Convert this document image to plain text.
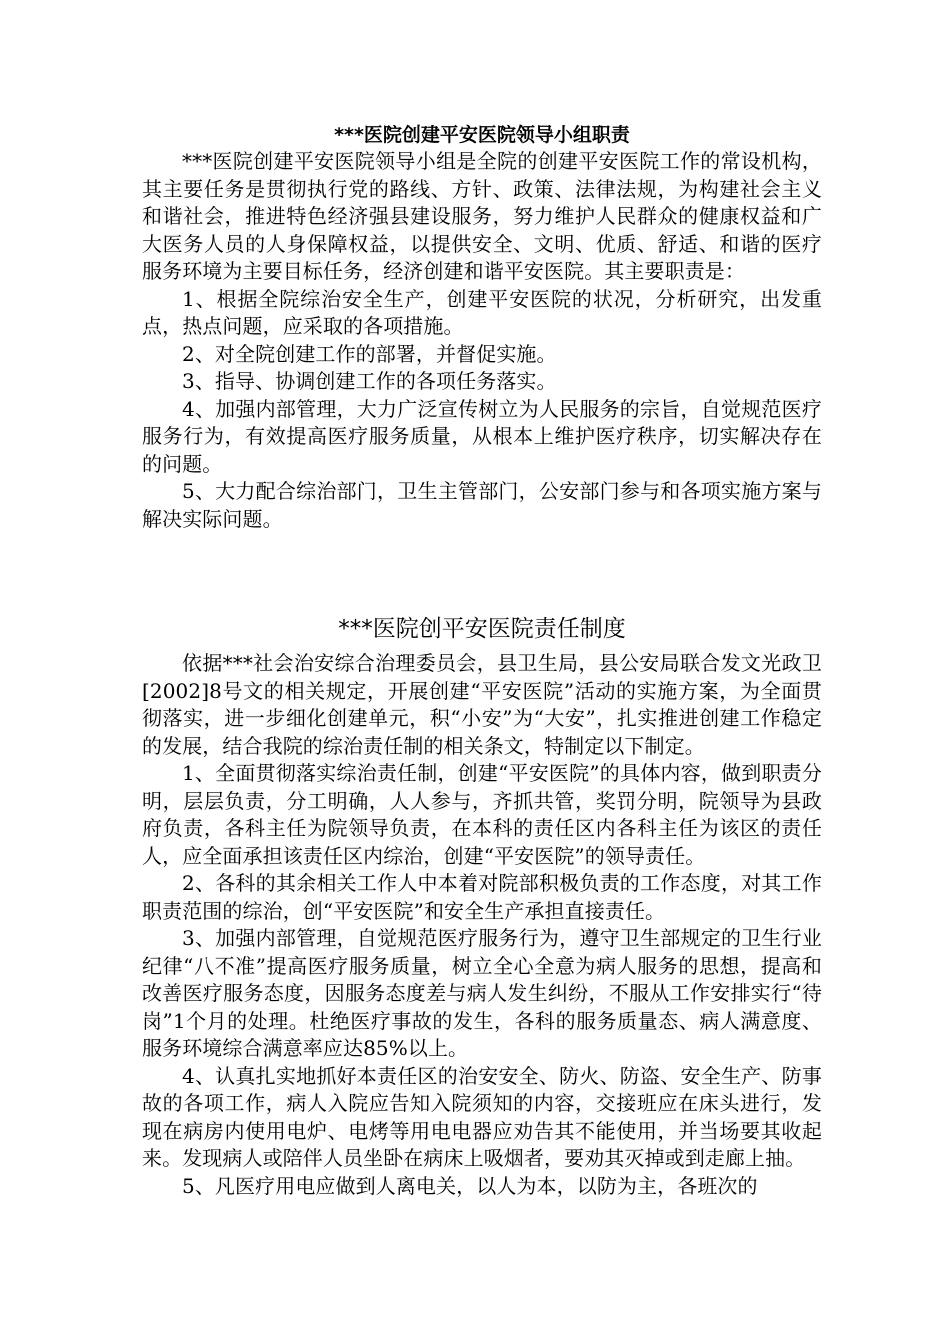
***医院创建平安医院领导小组职责

***医院创建平安医院领导小组是全院的创建平安医院工作的常设机构，其主要任务是贯彻执行党的路线、方针、政策、法律法规，为构建社会主义和谐社会，推进特色经济强县建设服务，努力维护人民群众的健康权益和广大医务人员的人身保障权益，以提供安全、文明、优质、舒适、和谐的医疗服务环境为主要目标任务，经济创建和谐平安医院。其主要职责是：

1、根据全院综治安全生产，创建平安医院的状况，分析研究，出发重点，热点问题，应采取的各项措施。

2、对全院创建工作的部署，并督促实施。

3、指导、协调创建工作的各项任务落实。

4、加强内部管理，大力广泛宣传树立为人民服务的宗旨，自觉规范医疗服务行为，有效提高医疗服务质量，从根本上维护医疗秩序，切实解决存在的问题。

5、大力配合综治部门，卫生主管部门，公安部门参与和各项实施方案与解决实际问题。

***医院创平安医院责任制度

依据***社会治安综合治理委员会，县卫生局，县公安局联合发文光政卫[2002]8号文的相关规定，开展创建“平安医院”活动的实施方案，为全面贯彻落实，进一步细化创建单元，积“小安”为“大安”，扎实推进创建工作稳定的发展，结合我院的综治责任制的相关条文，特制定以下制定。

1、全面贯彻落实综治责任制，创建“平安医院”的具体内容，做到职责分明，层层负责，分工明确，人人参与，齐抓共管，奖罚分明，院领导为县政府负责，各科主任为院领导负责，在本科的责任区内各科主任为该区的责任人，应全面承担该责任区内综治，创建“平安医院”的领导责任。

2、各科的其余相关工作人中本着对院部积极负责的工作态度，对其工作职责范围的综治，创“平安医院”和安全生产承担直接责任。

3、加强内部管理，自觉规范医疗服务行为，遵守卫生部规定的卫生行业纪律“八不准”提高医疗服务质量，树立全心全意为病人服务的思想，提高和改善医疗服务态度，因服务态度差与病人发生纠纷，不服从工作安排实行“待岗”1个月的处理。杜绝医疗事故的发生，各科的服务质量态、病人满意度、服务环境综合满意率应达85%以上。

4、认真扎实地抓好本责任区的治安安全、防火、防盗、安全生产、防事故的各项工作，病人入院应告知入院须知的内容，交接班应在床头进行，发现在病房内使用电炉、电烤等用电电器应劝告其不能使用，并当场要其收起来。发现病人或陪伴人员坐卧在病床上吸烟者，要劝其灭掉或到走廊上抽。

5、凡医疗用电应做到人离电关，以人为本，以防为主，各班次的
